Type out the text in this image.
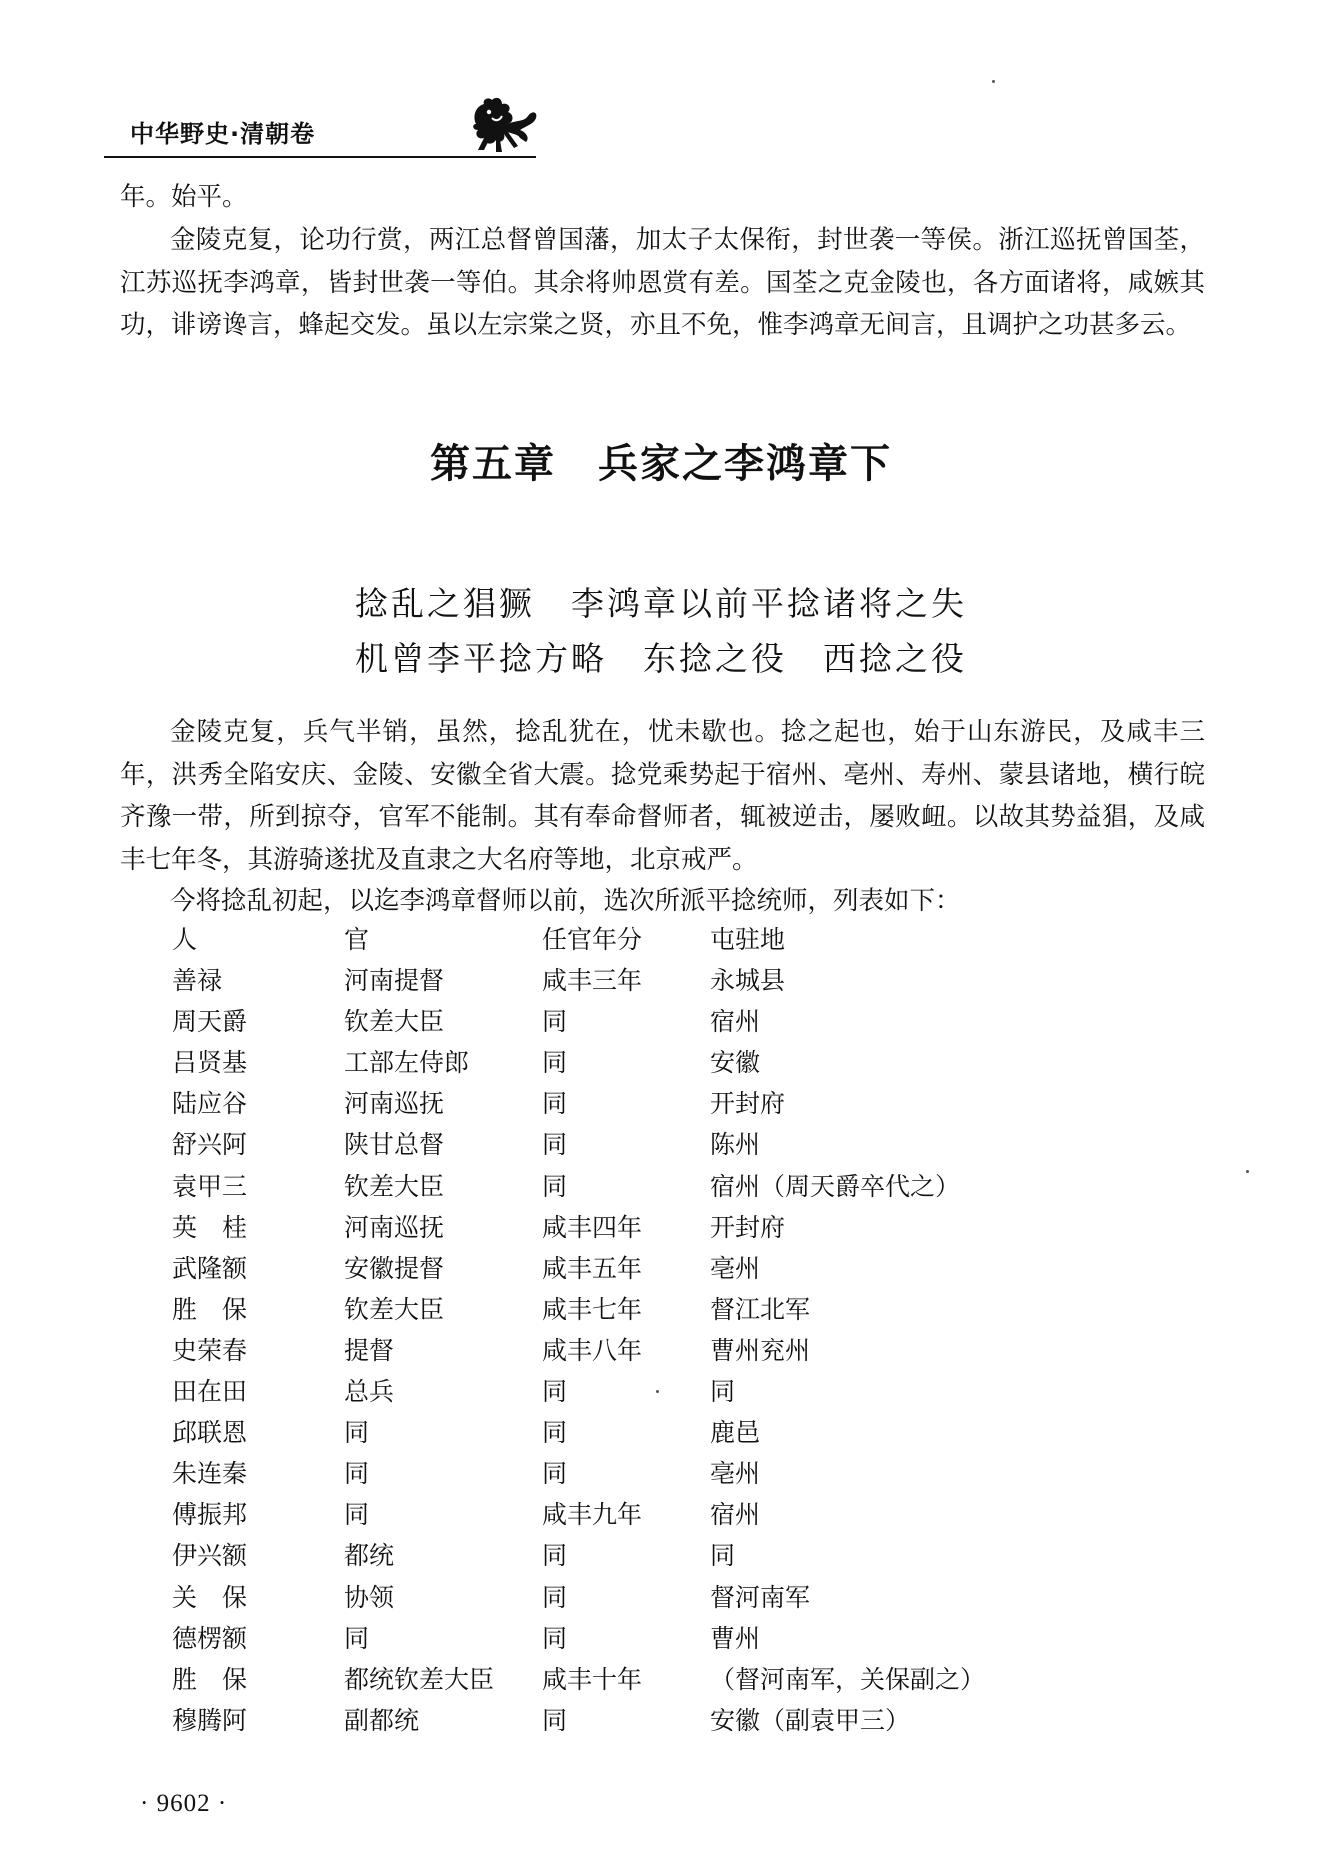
中华野史·清朝卷

年。始平。

金陵克复，论功行赏，两江总督曾国藩，加太子太保衔，封世袭一等侯。浙江巡抚曾国荃，江苏巡抚李鸿章，皆封世袭一等伯。其余将帅恩赏有差。国荃之克金陵也，各方面诸将，咸嫉其功，诽谤谗言，蜂起交发。虽以左宗棠之贤，亦且不免，惟李鸿章无间言，且调护之功甚多云。

第五章　兵家之李鸿章下
捻乱之猖獗　李鸿章以前平捻诸将之失
机曾李平捻方略　东捻之役　西捻之役

金陵克复，兵气半销，虽然，捻乱犹在，忧未歇也。捻之起也，始于山东游民，及咸丰三年，洪秀全陷安庆、金陵、安徽全省大震。捻党乘势起于宿州、亳州、寿州、蒙县诸地，横行皖齐豫一带，所到掠夺，官军不能制。其有奉命督师者，辄被逆击，屡败衄。以故其势益猖，及咸丰七年冬，其游骑遂扰及直隶之大名府等地，北京戒严。

今将捻乱初起，以迄李鸿章督师以前，选次所派平捻统师，列表如下：

人	官	任官年分	屯驻地
善禄	河南提督	咸丰三年	永城县
周天爵	钦差大臣	同	宿州
吕贤基	工部左侍郎	同	安徽
陆应谷	河南巡抚	同	开封府
舒兴阿	陕甘总督	同	陈州
袁甲三	钦差大臣	同	宿州（周天爵卒代之）
英　桂	河南巡抚	咸丰四年	开封府
武隆额	安徽提督	咸丰五年	亳州
胜　保	钦差大臣	咸丰七年	督江北军
史荣春	提督	咸丰八年	曹州兖州
田在田	总兵	同	同
邱联恩	同	同	鹿邑
朱连秦	同	同	亳州
傅振邦	同	咸丰九年	宿州
伊兴额	都统	同	同
关　保	协领	同	督河南军
德楞额	同	同	曹州
胜　保	都统钦差大臣 咸丰十年	（督河南军，关保副之）
穆腾阿	副都统	同	安徽（副袁甲三）
· 9602 ·
